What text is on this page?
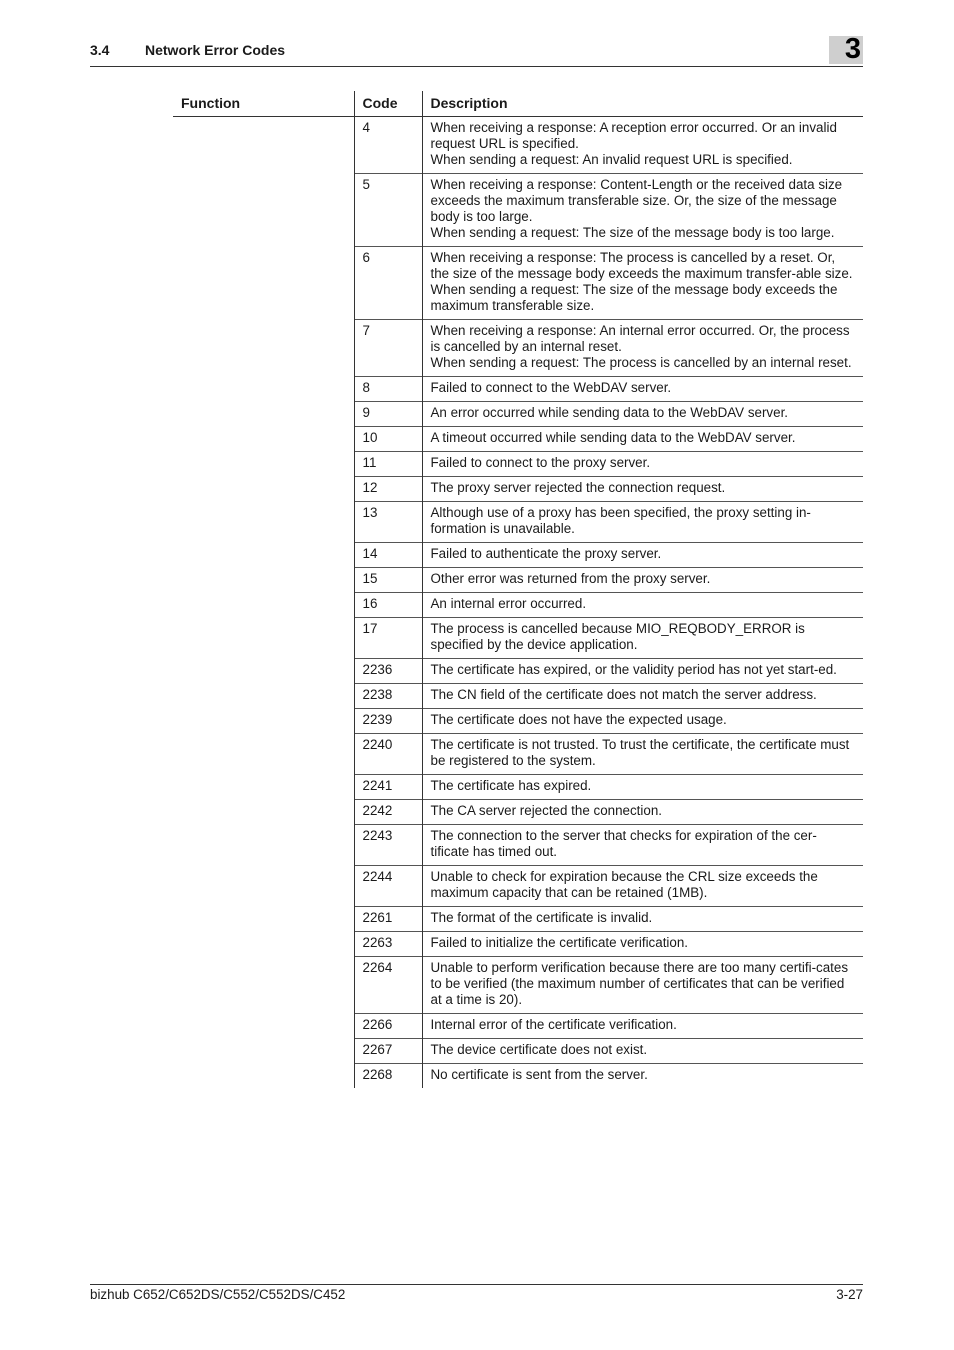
3.4	Network Error Codes	3
Function	Code	Description
	4	When receiving a response: A reception error occurred. Or an invalid request URL is specified.
When sending a request: An invalid request URL is specified.

	5	When receiving a response: Content-Length or the received data size exceeds the maximum transferable size. Or, the size of the message body is too large.
When sending a request: The size of the message body is too large.

	6	When receiving a response: The process is cancelled by a reset. Or, the size of the message body exceeds the maximum transfer-able size.
When sending a request: The size of the message body exceeds the maximum transferable size.

	7	When receiving a response: An internal error occurred. Or, the process is cancelled by an internal reset.
When sending a request: The process is cancelled by an internal reset.

	8	Failed to connect to the WebDAV server.

	9	An error occurred while sending data to the WebDAV server.

	10	A timeout occurred while sending data to the WebDAV server.

	11	Failed to connect to the proxy server.

	12	The proxy server rejected the connection request.

	13	Although use of a proxy has been specified, the proxy setting in-formation is unavailable.

	14	Failed to authenticate the proxy server.

	15	Other error was returned from the proxy server.

	16	An internal error occurred.

	17	The process is cancelled because MIO_REQBODY_ERROR is specified by the device application.

	2236	The certificate has expired, or the validity period has not yet start-ed.

	2238	The CN field of the certificate does not match the server address.

	2239	The certificate does not have the expected usage.

	2240	The certificate is not trusted. To trust the certificate, the certificate must be registered to the system.

	2241	The certificate has expired.

	2242	The CA server rejected the connection.

	2243	The connection to the server that checks for expiration of the cer-tificate has timed out.

	2244	Unable to check for expiration because the CRL size exceeds the maximum capacity that can be retained (1MB).

	2261	The format of the certificate is invalid.

	2263	Failed to initialize the certificate verification.

	2264	Unable to perform verification because there are too many certifi-cates to be verified (the maximum number of certificates that can be verified at a time is 20).

	2266	Internal error of the certificate verification.

	2267	The device certificate does not exist.

	2268	No certificate is sent from the server.
bizhub C652/C652DS/C552/C552DS/C452	3-27
